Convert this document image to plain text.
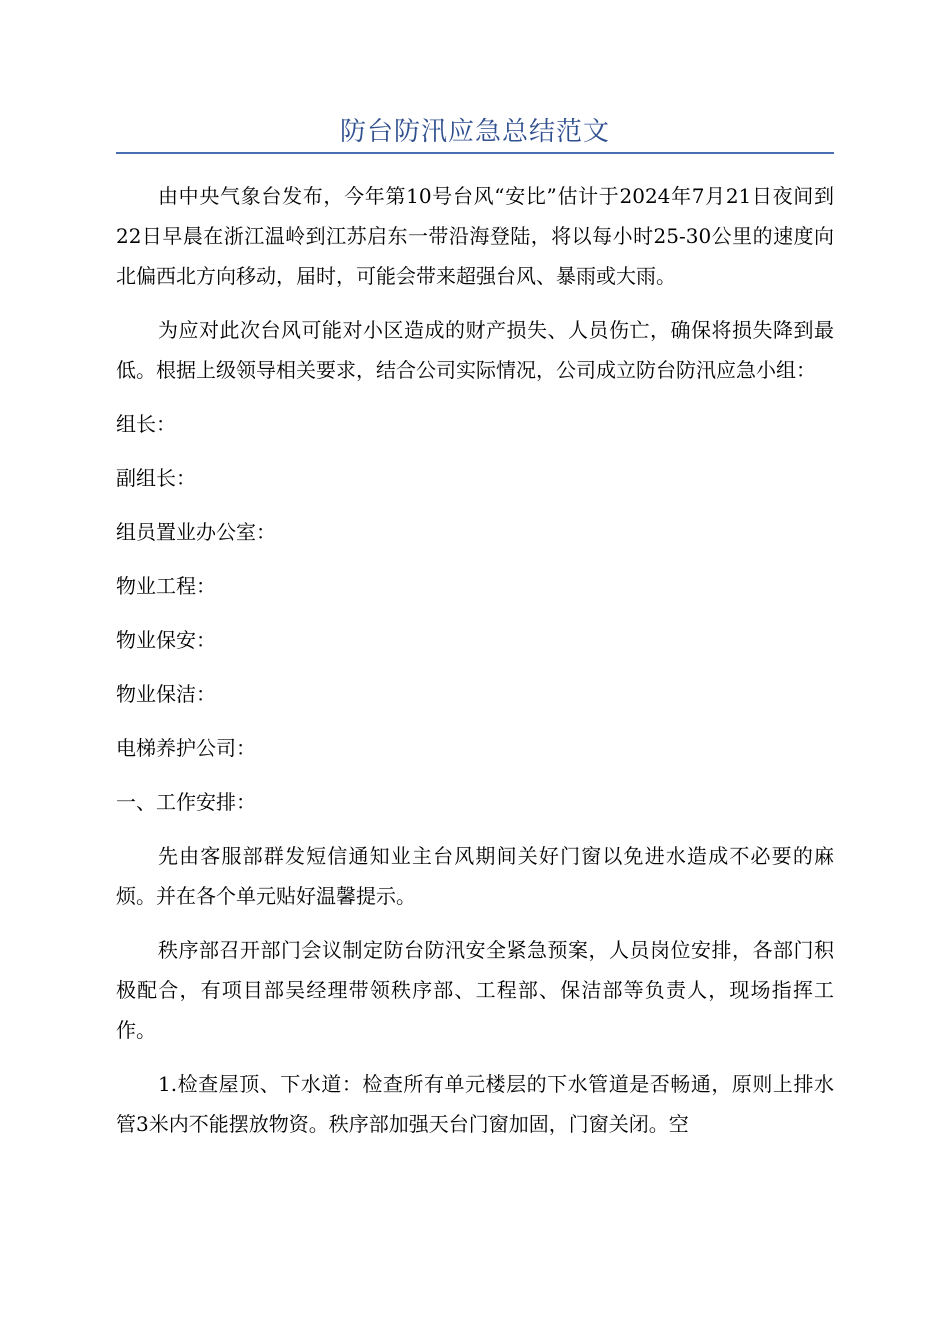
防台防汛应急总结范文

由中央气象台发布，今年第10号台风“安比”估计于2024年7月21日夜间到22日早晨在浙江温岭到江苏启东一带沿海登陆，将以每小时25-30公里的速度向北偏西北方向移动，届时，可能会带来超强台风、暴雨或大雨。

为应对此次台风可能对小区造成的财产损失、人员伤亡，确保将损失降到最低。根据上级领导相关要求，结合公司实际情况，公司成立防台防汛应急小组：

组长：

副组长：

组员置业办公室：

物业工程：

物业保安：

物业保洁：

电梯养护公司：

一、工作安排：

先由客服部群发短信通知业主台风期间关好门窗以免进水造成不必要的麻烦。并在各个单元贴好温馨提示。

秩序部召开部门会议制定防台防汛安全紧急预案，人员岗位安排，各部门积极配合，有项目部吴经理带领秩序部、工程部、保洁部等负责人，现场指挥工作。

1.检查屋顶、下水道：检查所有单元楼层的下水管道是否畅通，原则上排水管3米内不能摆放物资。秩序部加强天台门窗加固，门窗关闭。空
